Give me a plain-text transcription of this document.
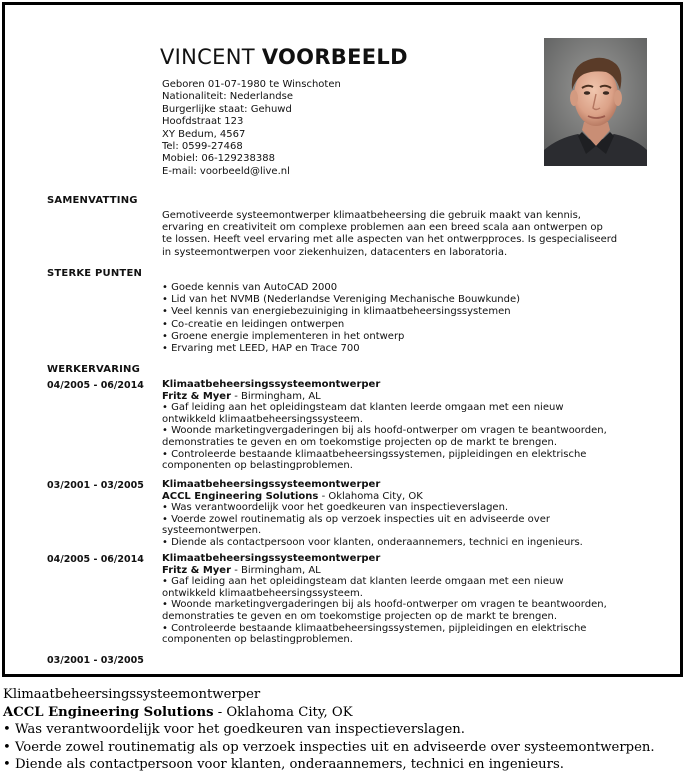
VINCENT VOORBEELD
Geboren 01-07-1980 te Winschoten
Nationaliteit: Nederlandse
Burgerlijke staat: Gehuwd
Hoofdstraat 123
XY Bedum, 4567
Tel: 0599-27468
Mobiel: 06-129238388
E-mail: voorbeeld@live.nl
SAMENVATTING
Gemotiveerde systeemontwerper klimaatbeheersing die gebruik maakt van kennis,
ervaring en creativiteit om complexe problemen aan een breed scala aan ontwerpen op
te lossen. Heeft veel ervaring met alle aspecten van het ontwerpproces. Is gespecialiseerd
in systeemontwerpen voor ziekenhuizen, datacenters en laboratoria.
STERKE PUNTEN
• Goede kennis van AutoCAD 2000
• Lid van het NVMB (Nederlandse Vereniging Mechanische Bouwkunde)
• Veel kennis van energiebezuiniging in klimaatbeheersingssystemen
• Co-creatie en leidingen ontwerpen
• Groene energie implementeren in het ontwerp
• Ervaring met LEED, HAP en Trace 700
WERKERVARING
04/2005 - 06/2014 Klimaatbeheersingssysteemontwerper
Fritz & Myer - Birmingham, AL
• Gaf leiding aan het opleidingsteam dat klanten leerde omgaan met een nieuw
ontwikkeld klimaatbeheersingssysteem.
• Woonde marketingvergaderingen bij als hoofd-ontwerper om vragen te beantwoorden,
demonstraties te geven en om toekomstige projecten op de markt te brengen.
• Controleerde bestaande klimaatbeheersingssystemen, pijpleidingen en elektrische
componenten op belastingproblemen.
03/2001 - 03/2005 Klimaatbeheersingssysteemontwerper
ACCL Engineering Solutions - Oklahoma City, OK
• Was verantwoordelijk voor het goedkeuren van inspectieverslagen.
• Voerde zowel routinematig als op verzoek inspecties uit en adviseerde over
systeemontwerpen.
• Diende als contactpersoon voor klanten, onderaannemers, technici en ingenieurs.
04/2005 - 06/2014 Klimaatbeheersingssysteemontwerper
Fritz & Myer - Birmingham, AL
• Gaf leiding aan het opleidingsteam dat klanten leerde omgaan met een nieuw
ontwikkeld klimaatbeheersingssysteem.
• Woonde marketingvergaderingen bij als hoofd-ontwerper om vragen te beantwoorden,
demonstraties te geven en om toekomstige projecten op de markt te brengen.
• Controleerde bestaande klimaatbeheersingssystemen, pijpleidingen en elektrische
componenten op belastingproblemen.
03/2001 - 03/2005
Klimaatbeheersingssysteemontwerper
ACCL Engineering Solutions - Oklahoma City, OK
• Was verantwoordelijk voor het goedkeuren van inspectieverslagen.
• Voerde zowel routinematig als op verzoek inspecties uit en adviseerde over systeemontwerpen.
• Diende als contactpersoon voor klanten, onderaannemers, technici en ingenieurs.
